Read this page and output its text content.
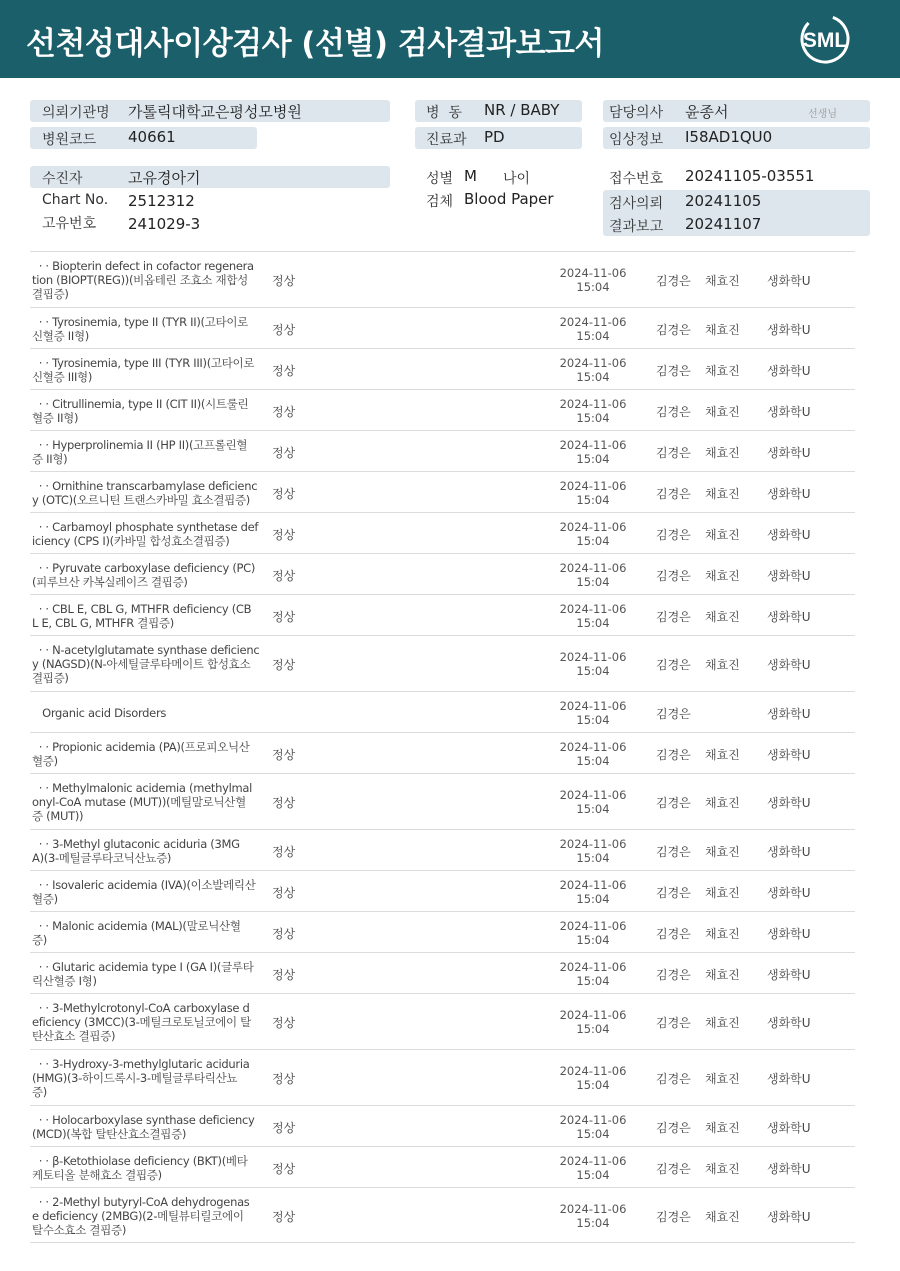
선천성대사이상검사 (선별) 검사결과보고서	SML
의뢰기관명 가톨릭대학교은평성모병원
병원코드 40661
병  동 NR / BABY
진료과 PD
담당의사 윤종서	선생님
임상정보 I58AD1QU0
수진자	고유경아기
Chart No. 2512312
고유번호 241029-3
성별 M 나이
검체 Blood Paper
접수번호 20241105-03551
검사의뢰 20241105
결과보고 20241107
· · Biopterin defect in cofactor regenera
tion (BIOPT(REG))(비옵테린 조효소 재합성
결핍증)
정상
2024-11-06
15:04	김경은 채효진 생화학U
· · Tyrosinemia, type II (TYR II)(고타이로
신혈증 II형)	정상
2024-11-06
15:04	김경은 채효진 생화학U
· · Tyrosinemia, type III (TYR III)(고타이로
신혈증 III형)	정상
2024-11-06
15:04	김경은 채효진 생화학U
· · Citrullinemia, type II (CIT II)(시트룰린
혈증 II형)	정상
2024-11-06
15:04	김경은 채효진 생화학U
· · Hyperprolinemia II (HP II)(고프롤린혈
증 II형)	정상
2024-11-06
15:04	김경은 채효진 생화학U
· · Ornithine transcarbamylase deficienc
y (OTC)(오르니틴 트랜스카바밀 효소결핍증)	정상
2024-11-06
15:04	김경은 채효진 생화학U
· · Carbamoyl phosphate synthetase def
iciency (CPS I)(카바밀 합성효소결핍증)	정상
2024-11-06
15:04	김경은 채효진 생화학U
· · Pyruvate carboxylase deficiency (PC)
(피루브산 카복실레이즈 결핍증)	정상
2024-11-06
15:04	김경은 채효진 생화학U
· · CBL E, CBL G, MTHFR deficiency (CB
L E, CBL G, MTHFR 결핍증)	정상
2024-11-06
15:04	김경은 채효진 생화학U
· · N-acetylglutamate synthase deficienc
y (NAGSD)(N-아세틸글루타메이트 합성효소
결핍증)
정상
2024-11-06
15:04	김경은 채효진 생화학U
Organic acid Disorders	2024-11-06
15:04	김경은	생화학U
· · Propionic acidemia (PA)(프로피오닉산
혈증)	정상
2024-11-06
15:04	김경은 채효진 생화학U
· · Methylmalonic acidemia (methylmal
onyl-CoA mutase (MUT))(메틸말로닉산혈
증 (MUT))
정상
2024-11-06
15:04	김경은 채효진 생화학U
· · 3-Methyl glutaconic aciduria (3MG
A)(3-메틸글루타코닉산뇨증)	정상
2024-11-06
15:04	김경은 채효진 생화학U
· · Isovaleric acidemia (IVA)(이소발레릭산
혈증)	정상
2024-11-06
15:04	김경은 채효진 생화학U
· · Malonic acidemia (MAL)(말로닉산혈
증)	정상
2024-11-06
15:04	김경은 채효진 생화학U
· · Glutaric acidemia type I (GA I)(글루타
릭산혈증 I형)	정상
2024-11-06
15:04	김경은 채효진 생화학U
· · 3-Methylcrotonyl-CoA carboxylase d
eficiency (3MCC)(3-메틸크로토닐코에이 탈
탄산효소 결핍증)
정상
2024-11-06
15:04	김경은 채효진 생화학U
· · 3-Hydroxy-3-methylglutaric aciduria
(HMG)(3-하이드록시-3-메틸글루타릭산뇨
증)
정상
2024-11-06
15:04	김경은 채효진 생화학U
· · Holocarboxylase synthase deficiency
(MCD)(복합 탈탄산효소결핍증)	정상
2024-11-06
15:04	김경은 채효진 생화학U
· · β-Ketothiolase deficiency (BKT)(베타
케토티올 분해효소 결핍증)	정상
2024-11-06
15:04	김경은 채효진 생화학U
· · 2-Methyl butyryl-CoA dehydrogenas
e deficiency (2MBG)(2-메틸뷰티릴코에이
탈수소효소 결핍증)
정상
2024-11-06
15:04	김경은 채효진 생화학U
